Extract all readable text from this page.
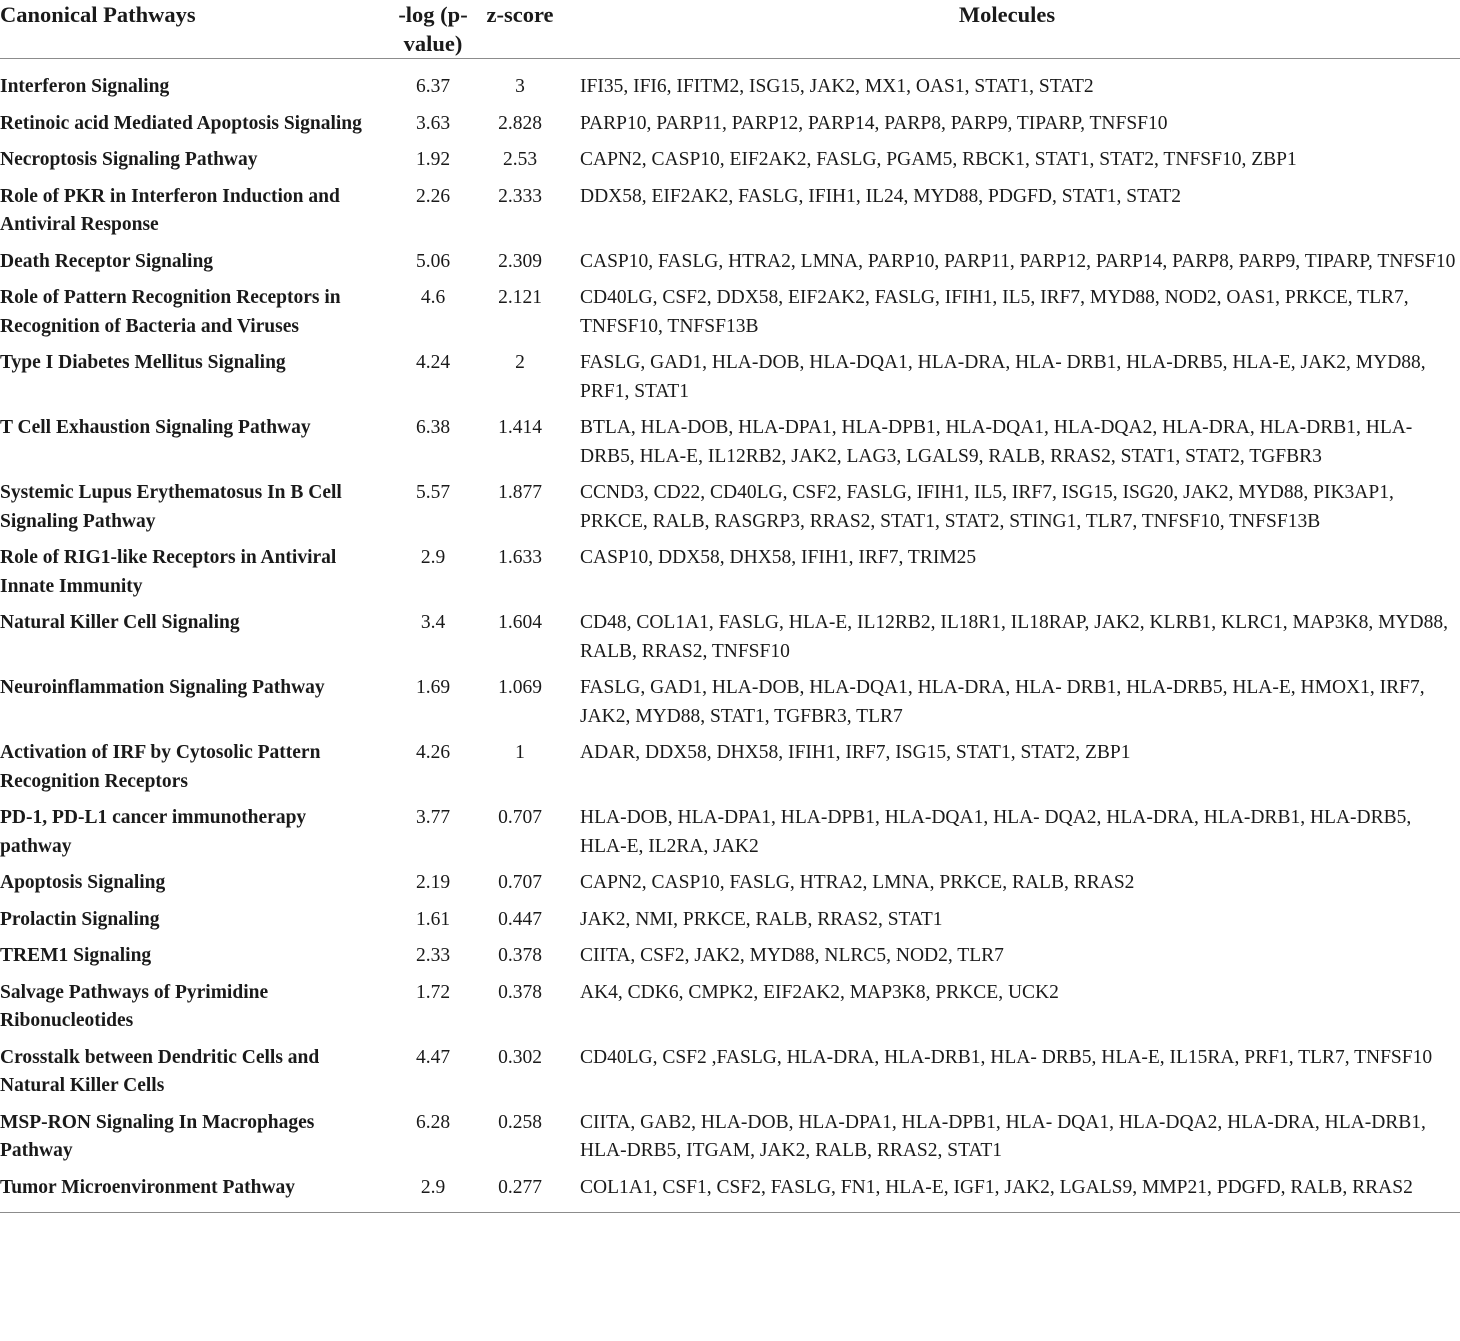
Canonical Pathways	-log (p-value)	z-score	Molecules
Interferon Signaling	6.37	3	IFI35, IFI6, IFITM2, ISG15, JAK2, MX1, OAS1, STAT1, STAT2
Retinoic acid Mediated Apoptosis Signaling	3.63	2.828	PARP10, PARP11, PARP12, PARP14, PARP8, PARP9, TIPARP, TNFSF10
Necroptosis Signaling Pathway	1.92	2.53	CAPN2, CASP10, EIF2AK2, FASLG, PGAM5, RBCK1, STAT1, STAT2, TNFSF10, ZBP1
Role of PKR in Interferon Induction and Antiviral Response	2.26	2.333	DDX58, EIF2AK2, FASLG, IFIH1, IL24, MYD88, PDGFD, STAT1, STAT2
Death Receptor Signaling	5.06	2.309	CASP10, FASLG, HTRA2, LMNA, PARP10, PARP11, PARP12, PARP14, PARP8, PARP9, TIPARP, TNFSF10
Role of Pattern Recognition Receptors in Recognition of Bacteria and Viruses	4.6	2.121	CD40LG, CSF2, DDX58, EIF2AK2, FASLG, IFIH1, IL5, IRF7, MYD88, NOD2, OAS1, PRKCE, TLR7, TNFSF10, TNFSF13B
Type I Diabetes Mellitus Signaling	4.24	2	FASLG, GAD1, HLA-DOB, HLA-DQA1, HLA-DRA, HLA- DRB1, HLA-DRB5, HLA-E, JAK2, MYD88, PRF1, STAT1
T Cell Exhaustion Signaling Pathway	6.38	1.414	BTLA, HLA-DOB, HLA-DPA1, HLA-DPB1, HLA-DQA1, HLA-DQA2, HLA-DRA, HLA-DRB1, HLA-DRB5, HLA-E, IL12RB2, JAK2, LAG3, LGALS9, RALB, RRAS2, STAT1, STAT2, TGFBR3
Systemic Lupus Erythematosus In B Cell Signaling Pathway	5.57	1.877	CCND3, CD22, CD40LG, CSF2, FASLG, IFIH1, IL5, IRF7, ISG15, ISG20, JAK2, MYD88, PIK3AP1, PRKCE, RALB, RASGRP3, RRAS2, STAT1, STAT2, STING1, TLR7, TNFSF10, TNFSF13B
Role of RIG1-like Receptors in Antiviral Innate Immunity	2.9	1.633	CASP10, DDX58, DHX58, IFIH1, IRF7, TRIM25
Natural Killer Cell Signaling	3.4	1.604	CD48, COL1A1, FASLG, HLA-E, IL12RB2, IL18R1, IL18RAP, JAK2, KLRB1, KLRC1, MAP3K8, MYD88, RALB, RRAS2, TNFSF10
Neuroinflammation Signaling Pathway	1.69	1.069	FASLG, GAD1, HLA-DOB, HLA-DQA1, HLA-DRA, HLA- DRB1, HLA-DRB5, HLA-E, HMOX1, IRF7, JAK2, MYD88, STAT1, TGFBR3, TLR7
Activation of IRF by Cytosolic Pattern Recognition Receptors	4.26	1	ADAR, DDX58, DHX58, IFIH1, IRF7, ISG15, STAT1, STAT2, ZBP1
PD-1, PD-L1 cancer immunotherapy pathway	3.77	0.707	HLA-DOB, HLA-DPA1, HLA-DPB1, HLA-DQA1, HLA- DQA2, HLA-DRA, HLA-DRB1, HLA-DRB5, HLA-E, IL2RA, JAK2
Apoptosis Signaling	2.19	0.707	CAPN2, CASP10, FASLG, HTRA2, LMNA, PRKCE, RALB, RRAS2
Prolactin Signaling	1.61	0.447	JAK2, NMI, PRKCE, RALB, RRAS2, STAT1
TREM1 Signaling	2.33	0.378	CIITA, CSF2, JAK2, MYD88, NLRC5, NOD2, TLR7
Salvage Pathways of Pyrimidine Ribonucleotides	1.72	0.378	AK4, CDK6, CMPK2, EIF2AK2, MAP3K8, PRKCE, UCK2
Crosstalk between Dendritic Cells and Natural Killer Cells	4.47	0.302	CD40LG, CSF2 ,FASLG, HLA-DRA, HLA-DRB1, HLA- DRB5, HLA-E, IL15RA, PRF1, TLR7, TNFSF10
MSP-RON Signaling In Macrophages Pathway	6.28	0.258	CIITA, GAB2, HLA-DOB, HLA-DPA1, HLA-DPB1, HLA- DQA1, HLA-DQA2, HLA-DRA, HLA-DRB1, HLA-DRB5, ITGAM, JAK2, RALB, RRAS2, STAT1
Tumor Microenvironment Pathway	2.9	0.277	COL1A1, CSF1, CSF2, FASLG, FN1, HLA-E, IGF1, JAK2, LGALS9, MMP21, PDGFD, RALB, RRAS2
